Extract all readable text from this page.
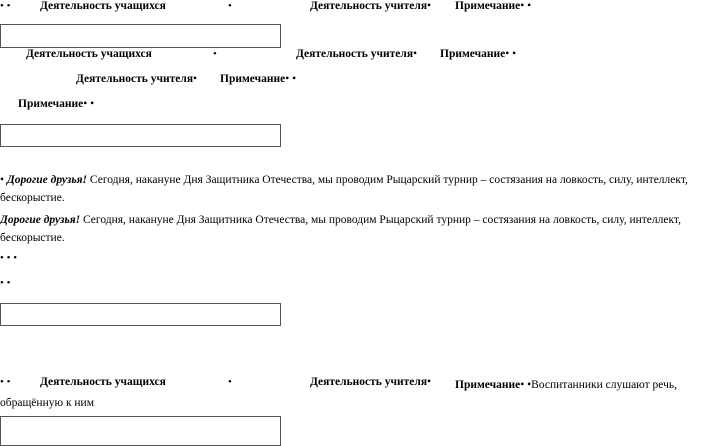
• •	Деятельность учащихся	•	Деятельность учителя• Примечание• •
Деятельность учащихся	•	Деятельность учителя• Примечание• •
Деятельность учителя• Примечание• •
Примечание• •
• Дорогие друзья! Сегодня, накануне Дня Защитника Отечества, мы проводим Рыцарский турнир – состязания на ловкость, силу, интеллект, бескорыстие.
Дорогие друзья! Сегодня, накануне Дня Защитника Отечества, мы проводим Рыцарский турнир – состязания на ловкость, силу, интеллект, бескорыстие.
• • •
• •
• •	Деятельность учащихся	•	Деятельность учителя•	Примечание• •Воспитанники слушают речь, обращённую к ним
